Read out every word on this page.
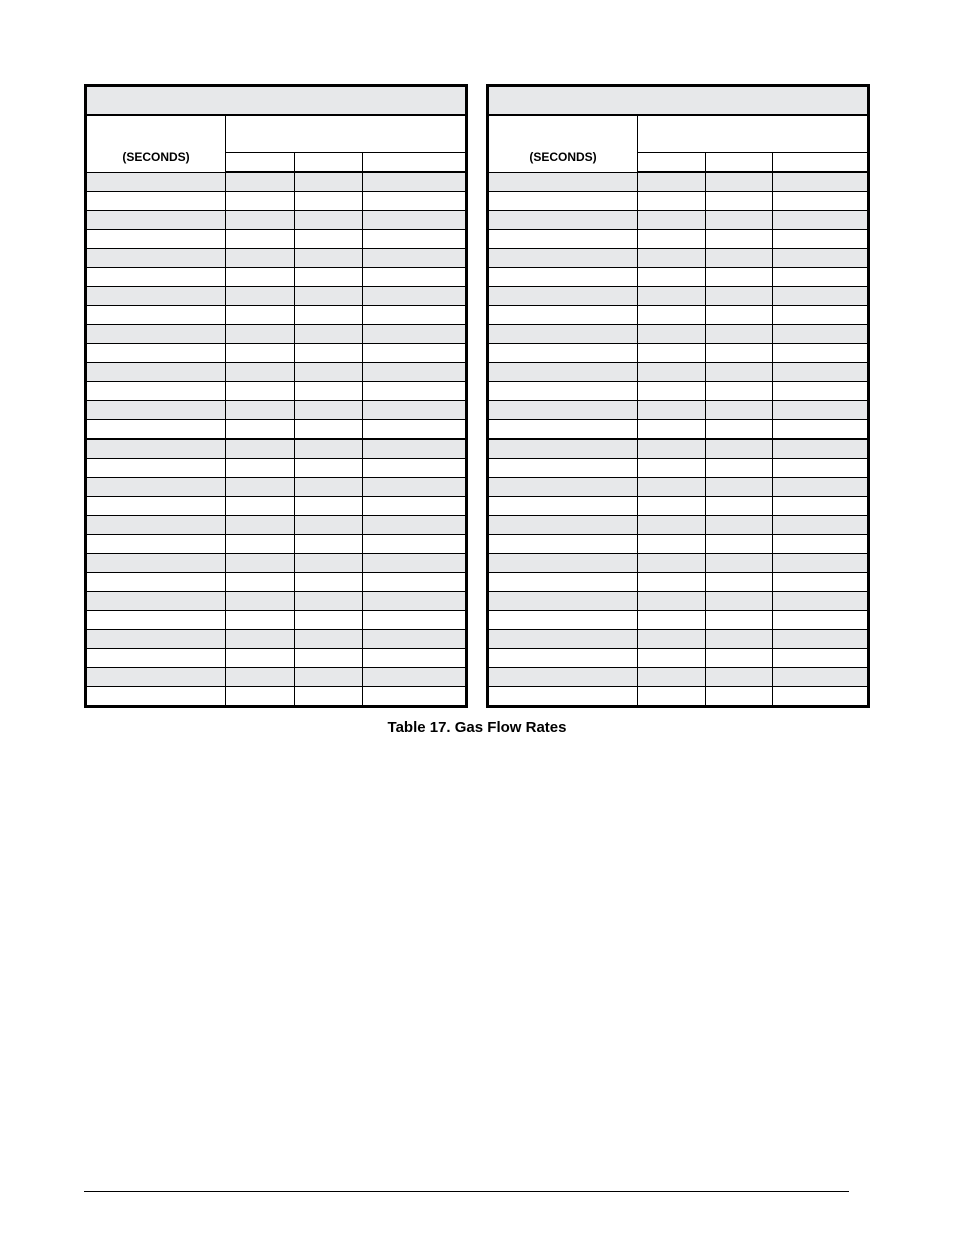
(SECONDS)			

				(SECONDS)			

Table 17. Gas Flow Rates
